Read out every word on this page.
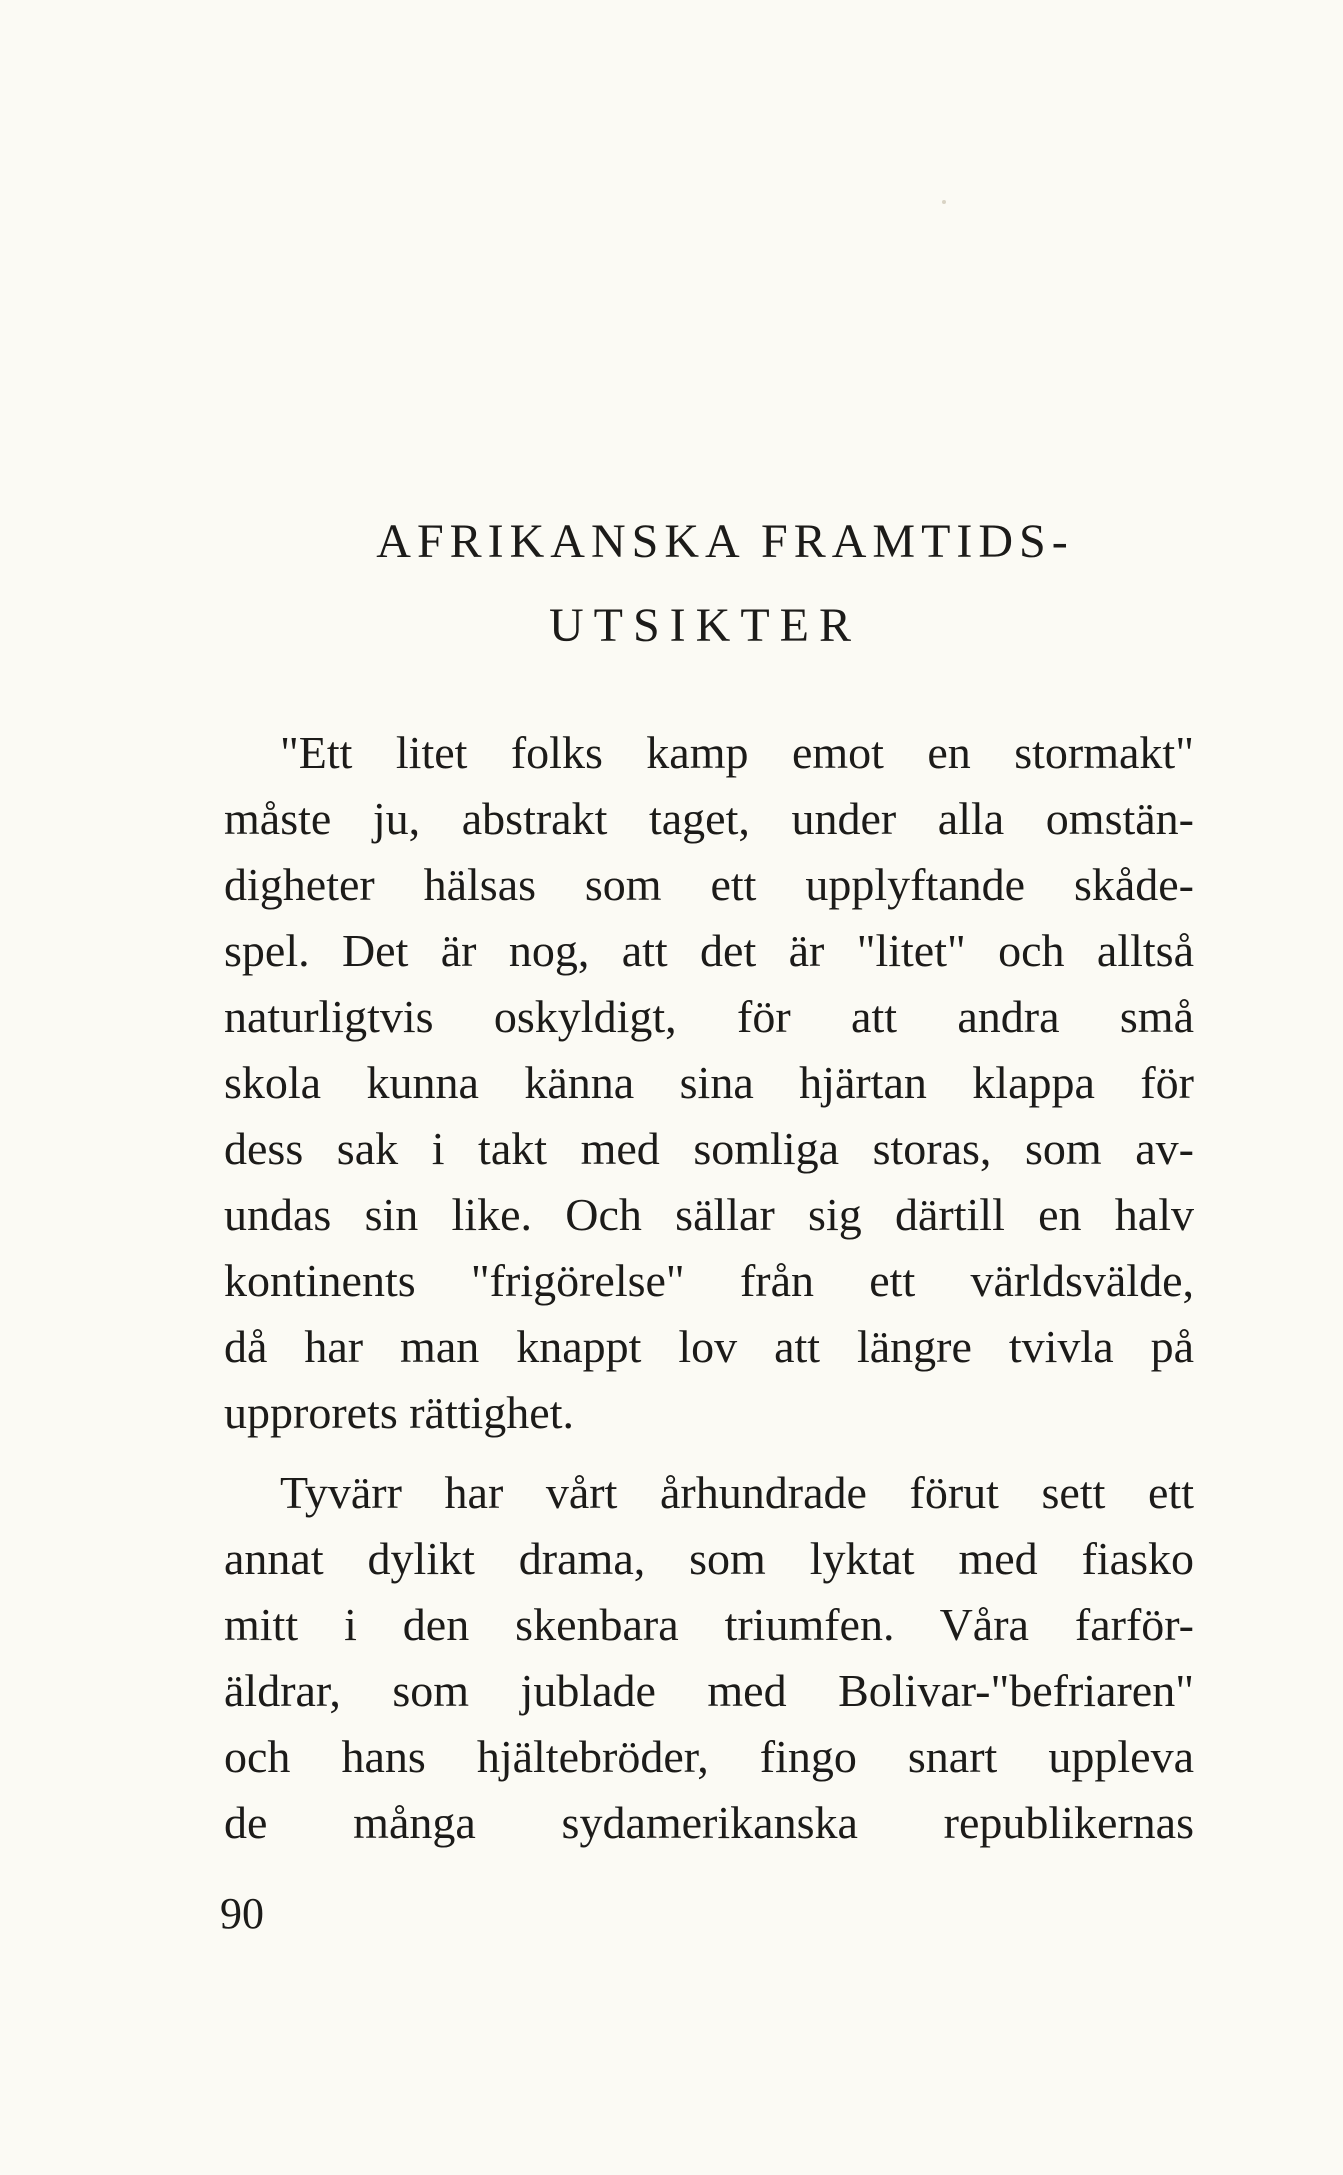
AFRIKANSKA FRAMTIDS-
UTSIKTER

"Ett litet folks kamp emot en stormakt"
måste ju, abstrakt taget, under alla omstän-
digheter hälsas som ett upplyftande skåde-
spel. Det är nog, att det är "litet" och alltså
naturligtvis oskyldigt, för att andra små
skola kunna känna sina hjärtan klappa för
dess sak i takt med somliga storas, som av-
undas sin like. Och sällar sig därtill en halv
kontinents "frigörelse" från ett världsvälde,
då har man knappt lov att längre tvivla på
upprorets rättighet.

Tyvärr har vårt århundrade förut sett ett
annat dylikt drama, som lyktat med fiasko
mitt i den skenbara triumfen. Våra farför-
äldrar, som jublade med Bolivar-"befriaren"
och hans hjältebröder, fingo snart uppleva
de många sydamerikanska republikernas

90
